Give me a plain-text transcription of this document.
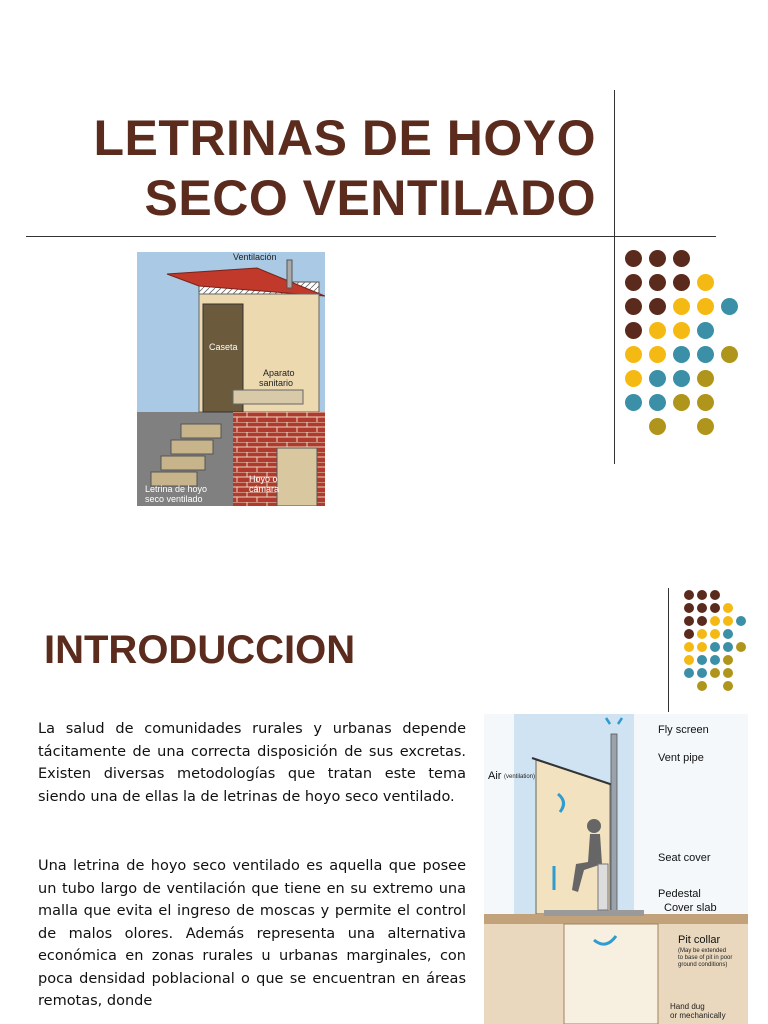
LETRINAS DE HOYO
SECO VENTILADO
Ventilación
Caseta
Aparato
sanitario
Hoyo o
cámara
Letrina de hoyo
seco ventilado
INTRODUCCION

La salud de comunidades rurales y urbanas depende tácitamente de una correcta disposición de sus excretas. Existen diversas metodologías que tratan este tema siendo una de ellas la de letrinas de hoyo seco ventilado.

Una letrina de hoyo seco ventilado es aquella que posee un tubo largo de ventilación que tiene en su extremo una malla que evita el ingreso de moscas y permite el control de malos olores. Además representa una alternativa económica en zonas rurales u urbanas marginales, con poca densidad poblacional o que se encuentran en áreas remotas, donde

Fly screen
Vent pipe
Air (ventilation)
Seat cover
Pedestal
Cover slab
Pit collar
(May be extended
to base of pit in poor
ground conditions)
Hand dug
or mechanically
